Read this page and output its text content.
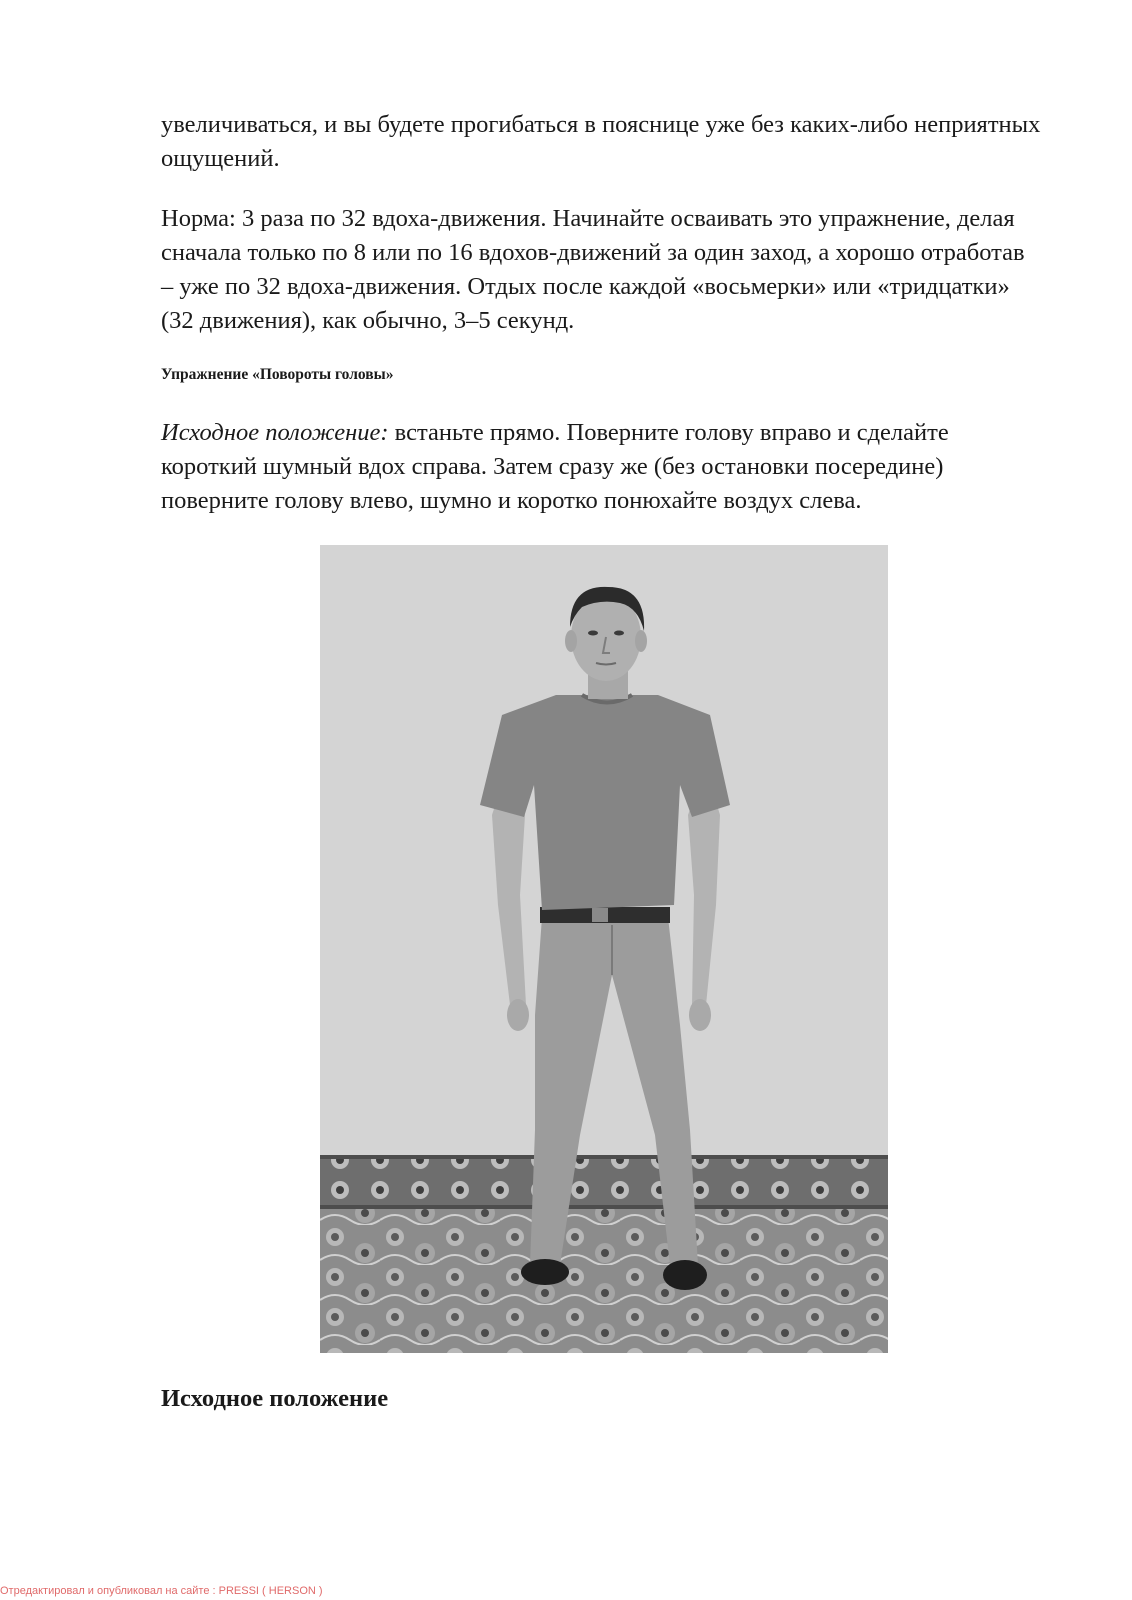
увеличиваться, и вы будете прогибаться в пояснице уже без каких-либо неприятных ощущений.

Норма: 3 раза по 32 вдоха-движения. Начинайте осваивать это упражнение, делая сначала только по 8 или по 16 вдохов-движений за один заход, а хорошо отработав – уже по 32 вдоха-движения. Отдых после каждой «восьмерки» или «тридцатки» (32 движения), как обычно, 3–5 секунд.

Упражнение «Повороты головы»

Исходное положение: встаньте прямо. Поверните голову вправо и сделайте короткий шумный вдох справа. Затем сразу же (без остановки посередине) поверните голову влево, шумно и коротко понюхайте воздух слева.

Исходное положение

Отредактировал и опубликовал на сайте : PRESSI ( HERSON )
